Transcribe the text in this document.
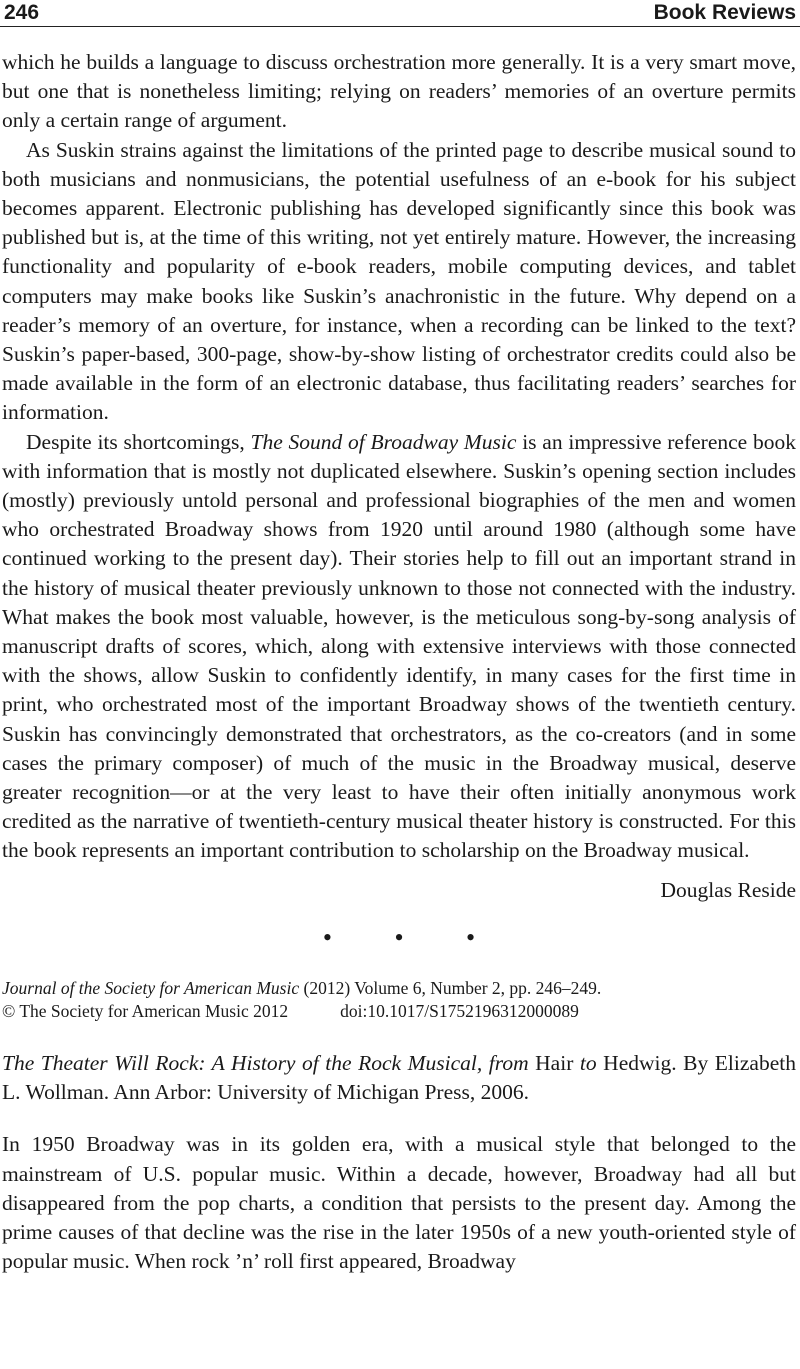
246	Book Reviews

which he builds a language to discuss orchestration more generally. It is a very smart move, but one that is nonetheless limiting; relying on readers’ memories of an overture permits only a certain range of argument.

As Suskin strains against the limitations of the printed page to describe musical sound to both musicians and nonmusicians, the potential usefulness of an e-book for his subject becomes apparent. Electronic publishing has developed significantly since this book was published but is, at the time of this writing, not yet entirely mature. However, the increasing functionality and popularity of e-book readers, mobile computing devices, and tablet computers may make books like Suskin’s anachronistic in the future. Why depend on a reader’s memory of an overture, for instance, when a recording can be linked to the text? Suskin’s paper-based, 300-page, show-by-show listing of orchestrator credits could also be made available in the form of an electronic database, thus facilitating readers’ searches for information.

Despite its shortcomings, The Sound of Broadway Music is an impressive reference book with information that is mostly not duplicated elsewhere. Suskin’s opening section includes (mostly) previously untold personal and professional biographies of the men and women who orchestrated Broadway shows from 1920 until around 1980 (although some have continued working to the present day). Their stories help to fill out an important strand in the history of musical theater previously unknown to those not connected with the industry. What makes the book most valuable, however, is the meticulous song-by-song analysis of manuscript drafts of scores, which, along with extensive interviews with those connected with the shows, allow Suskin to confidently identify, in many cases for the first time in print, who orchestrated most of the important Broadway shows of the twentieth century. Suskin has convincingly demonstrated that orchestrators, as the co-creators (and in some cases the primary composer) of much of the music in the Broadway musical, deserve greater recognition—or at the very least to have their often initially anonymous work credited as the narrative of twentieth-century musical theater history is constructed. For this the book represents an important contribution to scholarship on the Broadway musical.

Douglas Reside

• • •

Journal of the Society for American Music (2012) Volume 6, Number 2, pp. 246–249.
© The Society for American Music 2012	doi:10.1017/S1752196312000089

The Theater Will Rock: A History of the Rock Musical, from Hair to Hedwig. By Elizabeth L. Wollman. Ann Arbor: University of Michigan Press, 2006.

In 1950 Broadway was in its golden era, with a musical style that belonged to the mainstream of U.S. popular music. Within a decade, however, Broadway had all but disappeared from the pop charts, a condition that persists to the present day. Among the prime causes of that decline was the rise in the later 1950s of a new youth-oriented style of popular music. When rock ’n’ roll first appeared, Broadway
